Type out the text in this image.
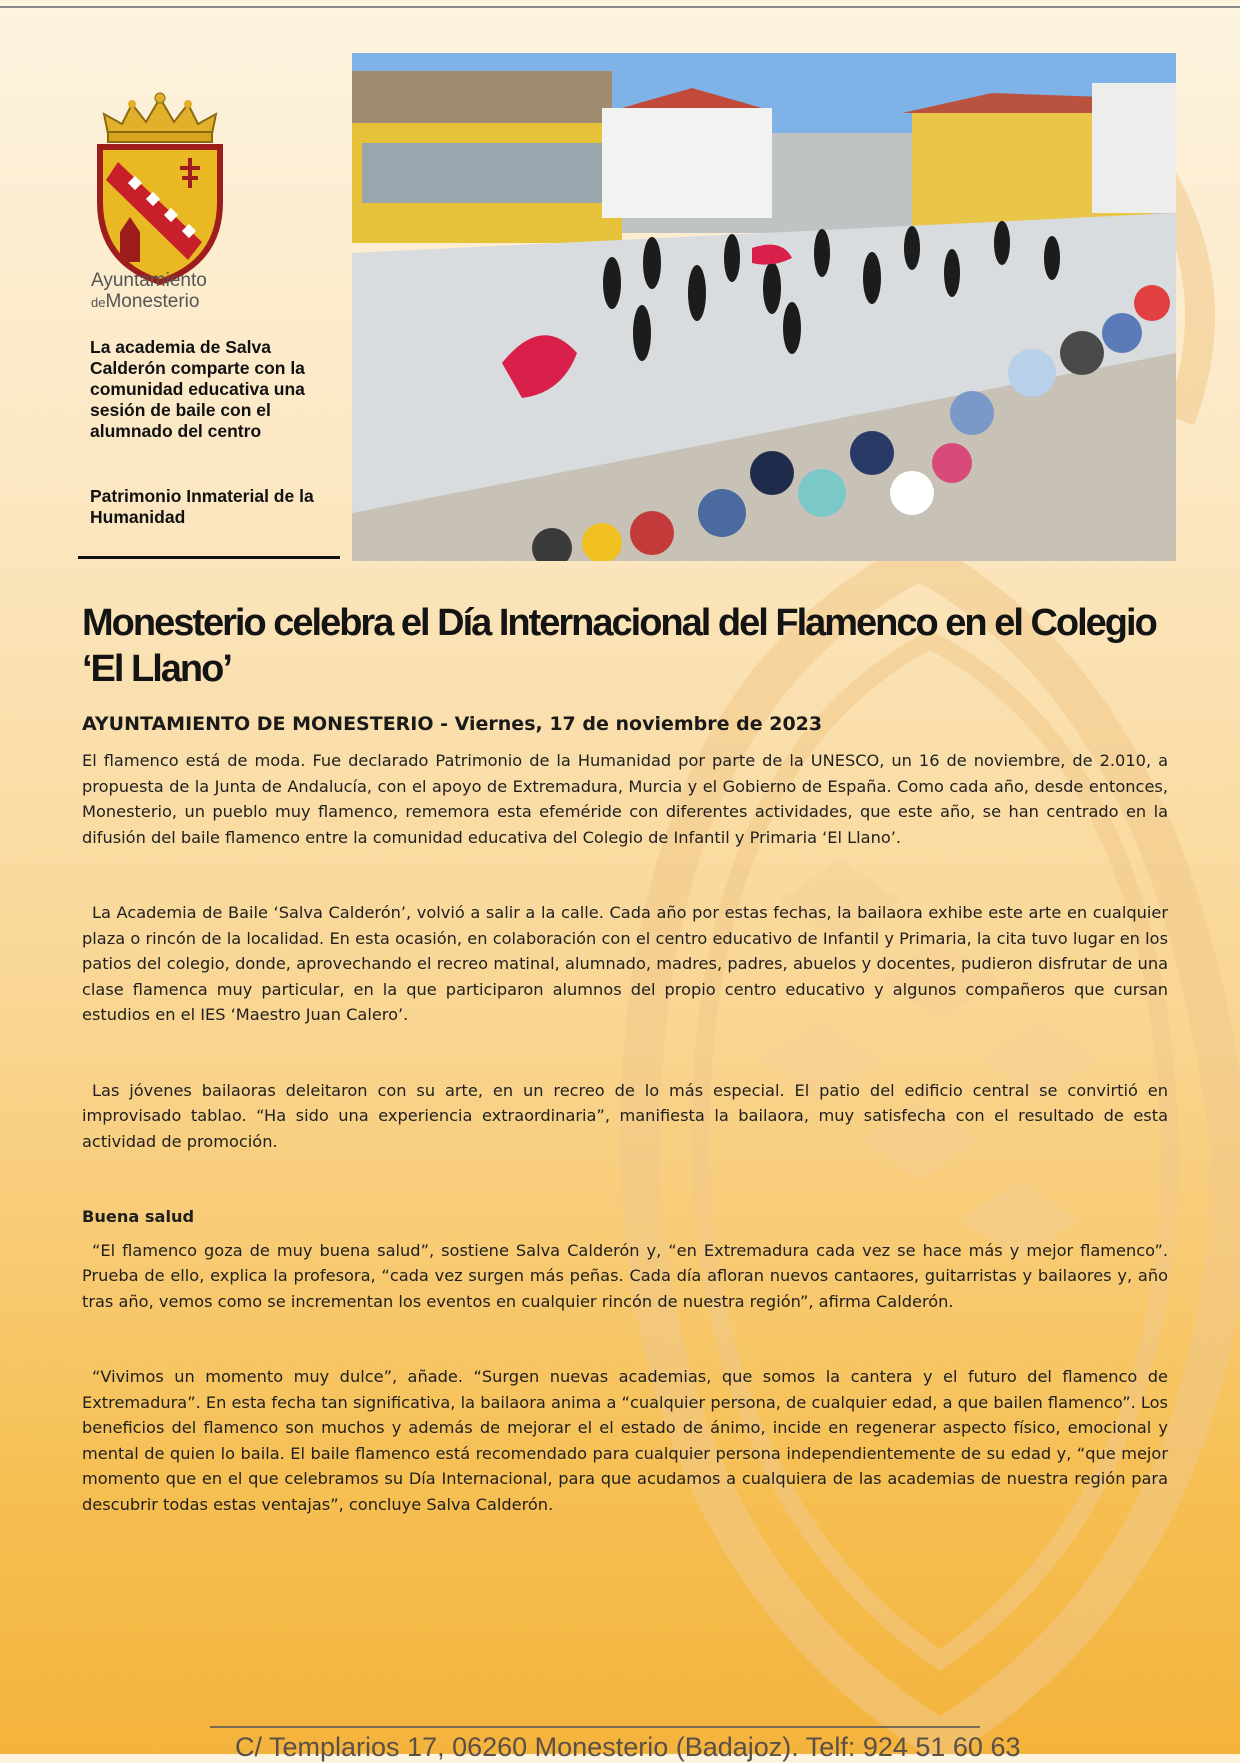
Ayuntamiento
deMonesterio

La academia de Salva Calderón comparte con la comunidad educativa una sesión de baile con el alumnado del centro

Patrimonio Inmaterial de la Humanidad

Monesterio celebra el Día Internacional del Flamenco en el Colegio ‘El Llano’

AYUNTAMIENTO DE MONESTERIO - Viernes, 17 de noviembre de 2023

El flamenco está de moda. Fue declarado Patrimonio de la Humanidad por parte de la UNESCO, un 16 de noviembre, de 2.010, a propuesta de la Junta de Andalucía, con el apoyo de Extremadura, Murcia y el Gobierno de España. Como cada año, desde entonces, Monesterio, un pueblo muy flamenco, rememora esta efeméride con diferentes actividades, que este año, se han centrado en la difusión del baile flamenco entre la comunidad educativa del Colegio de Infantil y Primaria ‘El Llano’.

La Academia de Baile ‘Salva Calderón’, volvió a salir a la calle. Cada año por estas fechas, la bailaora exhibe este arte en cualquier plaza o rincón de la localidad. En esta ocasión, en colaboración con el centro educativo de Infantil y Primaria, la cita tuvo lugar en los patios del colegio, donde, aprovechando el recreo matinal, alumnado, madres, padres, abuelos y docentes, pudieron disfrutar de una clase flamenca muy particular, en la que participaron alumnos del propio centro educativo y algunos compañeros que cursan estudios en el IES ‘Maestro Juan Calero’.

Las jóvenes bailaoras deleitaron con su arte, en un recreo de lo más especial. El patio del edificio central se convirtió en improvisado tablao. “Ha sido una experiencia extraordinaria”, manifiesta la bailaora, muy satisfecha con el resultado de esta actividad de promoción.

Buena salud

“El flamenco goza de muy buena salud”, sostiene Salva Calderón y, “en Extremadura cada vez se hace más y mejor flamenco”. Prueba de ello, explica la profesora, “cada vez surgen más peñas. Cada día afloran nuevos cantaores, guitarristas y bailaores y, año tras año, vemos como se incrementan los eventos en cualquier rincón de nuestra región”, afirma Calderón.

“Vivimos un momento muy dulce”, añade. “Surgen nuevas academias, que somos la cantera y el futuro del flamenco de Extremadura”. En esta fecha tan significativa, la bailaora anima a “cualquier persona, de cualquier edad, a que bailen flamenco”. Los beneficios del flamenco son muchos y además de mejorar el el estado de ánimo, incide en regenerar aspecto físico, emocional y mental de quien lo baila. El baile flamenco está recomendado para cualquier persona independientemente de su edad y, “que mejor momento que en el que celebramos su Día Internacional, para que acudamos a cualquiera de las academias de nuestra región para descubrir todas estas ventajas”, concluye Salva Calderón.

C/ Templarios 17, 06260 Monesterio (Badajoz). Telf: 924 51 60 63
